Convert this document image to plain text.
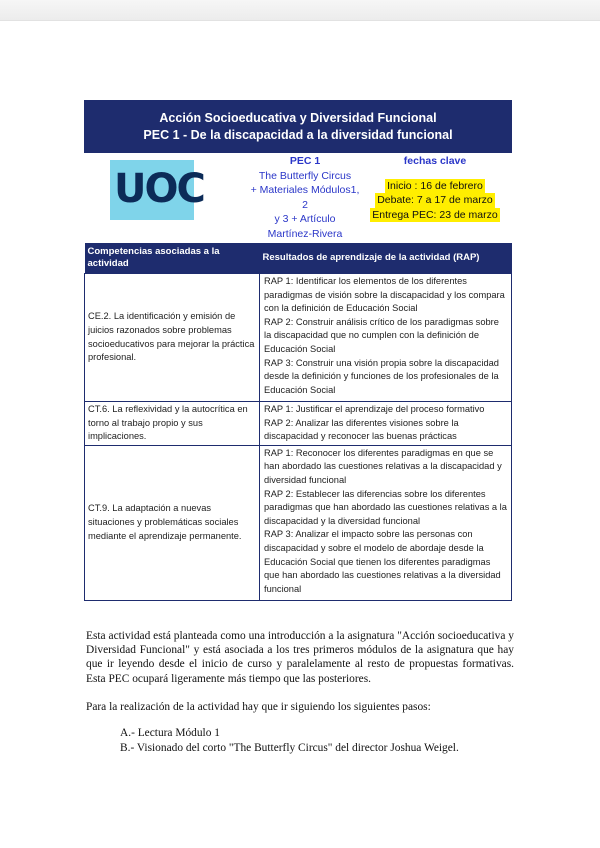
Acción Socioeducativa y Diversidad Funcional
PEC 1 - De la discapacidad a la diversidad funcional
UOC
PEC 1
The Butterfly Circus
+ Materiales Módulos1, 2
y 3 + Artículo
Martínez-Rivera
fechas clave
Inicio : 16 de febrero
Debate: 7 a 17 de marzo
Entrega PEC: 23 de marzo
Competencias asociadas a la actividad	Resultados de aprendizaje de la actividad (RAP)
CE.2. La identificación y emisión de juicios razonados sobre problemas socioeducativos para mejorar la práctica profesional.	RAP 1: Identificar los elementos de los diferentes paradigmas de visión sobre la discapacidad y los compara con la definición de Educación Social
RAP 2: Construir análisis crítico de los paradigmas sobre la discapacidad que no cumplen con la definición de Educación Social
RAP 3: Construir una visión propia sobre la discapacidad desde la definición y funciones de los profesionales de la Educación Social

CT.6. La reflexividad y la autocrítica en torno al trabajo propio y sus implicaciones.	RAP 1: Justificar el aprendizaje del proceso formativo
RAP 2: Analizar las diferentes visiones sobre la discapacidad y reconocer las buenas prácticas

CT.9. La adaptación a nuevas situaciones y problemáticas sociales mediante el aprendizaje permanente.	RAP 1: Reconocer los diferentes paradigmas en que se han abordado las cuestiones relativas a la discapacidad y diversidad funcional
RAP 2: Establecer las diferencias sobre los diferentes paradigmas que han abordado las cuestiones relativas a la discapacidad y la diversidad funcional
RAP 3: Analizar el impacto sobre las personas con discapacidad y sobre el modelo de abordaje desde la Educación Social que tienen los diferentes paradigmas que han abordado las cuestiones relativas a la diversidad funcional
Esta actividad está planteada como una introducción a la asignatura "Acción socioeducativa y Diversidad Funcional" y está asociada a los tres primeros módulos de la asignatura que hay que ir leyendo desde el inicio de curso y paralelamente al resto de propuestas formativas. Esta PEC ocupará ligeramente más tiempo que las posteriores.
Para la realización de la actividad hay que ir siguiendo los siguientes pasos:
A.- Lectura Módulo 1
B.- Visionado del corto "The Butterfly Circus" del director Joshua Weigel.
